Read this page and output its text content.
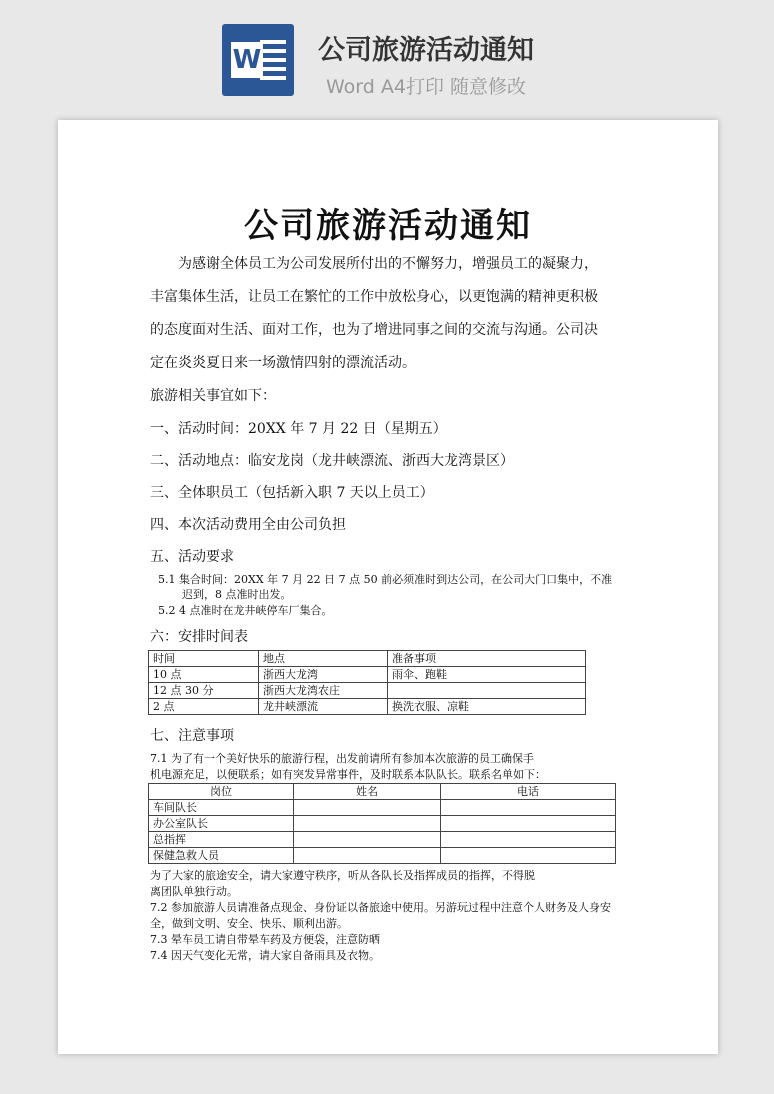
W 公司旅游活动通知
Word A4打印 随意修改
公司旅游活动通知

为感谢全体员工为公司发展所付出的不懈努力，增强员工的凝聚力，

丰富集体生活，让员工在繁忙的工作中放松身心，以更饱满的精神更积极

的态度面对生活、面对工作，也为了增进同事之间的交流与沟通。公司决

定在炎炎夏日来一场激情四射的漂流活动。

旅游相关事宜如下：
一、活动时间：20XX 年 7 月 22 日（星期五）
二、活动地点：临安龙岗（龙井峡漂流、浙西大龙湾景区）
三、全体职员工（包括新入职 7 天以上员工）
四、本次活动费用全由公司负担
五、活动要求
5.1 集合时间：20XX 年 7 月 22 日 7 点 50 前必须准时到达公司，在公司大门口集中，不准
迟到，8 点准时出发。
5.2 4 点准时在龙井峡停车厂集合。
六：安排时间表
时间	地点	准备事项
10 点	浙西大龙湾	雨伞、跑鞋
12 点 30 分	浙西大龙湾农庄	
2 点	龙井峡漂流	换洗衣服、凉鞋
七、注意事项
7.1 为了有一个美好快乐的旅游行程，出发前请所有参加本次旅游的员工确保手
机电源充足，以便联系；如有突发异常事件，及时联系本队队长。联系名单如下：
岗位	姓名	电话
车间队长		
办公室队长		
总指挥		
保健急救人员		
为了大家的旅途安全，请大家遵守秩序，听从各队长及指挥成员的指挥，不得脱
离团队单独行动。
7.2 参加旅游人员请准备点现金、身份证以备旅途中使用。另游玩过程中注意个人财务及人身安
全，做到文明、安全、快乐、顺利出游。
7.3 晕车员工请自带晕车药及方便袋，注意防晒
7.4 因天气变化无常，请大家自备雨具及衣物。
